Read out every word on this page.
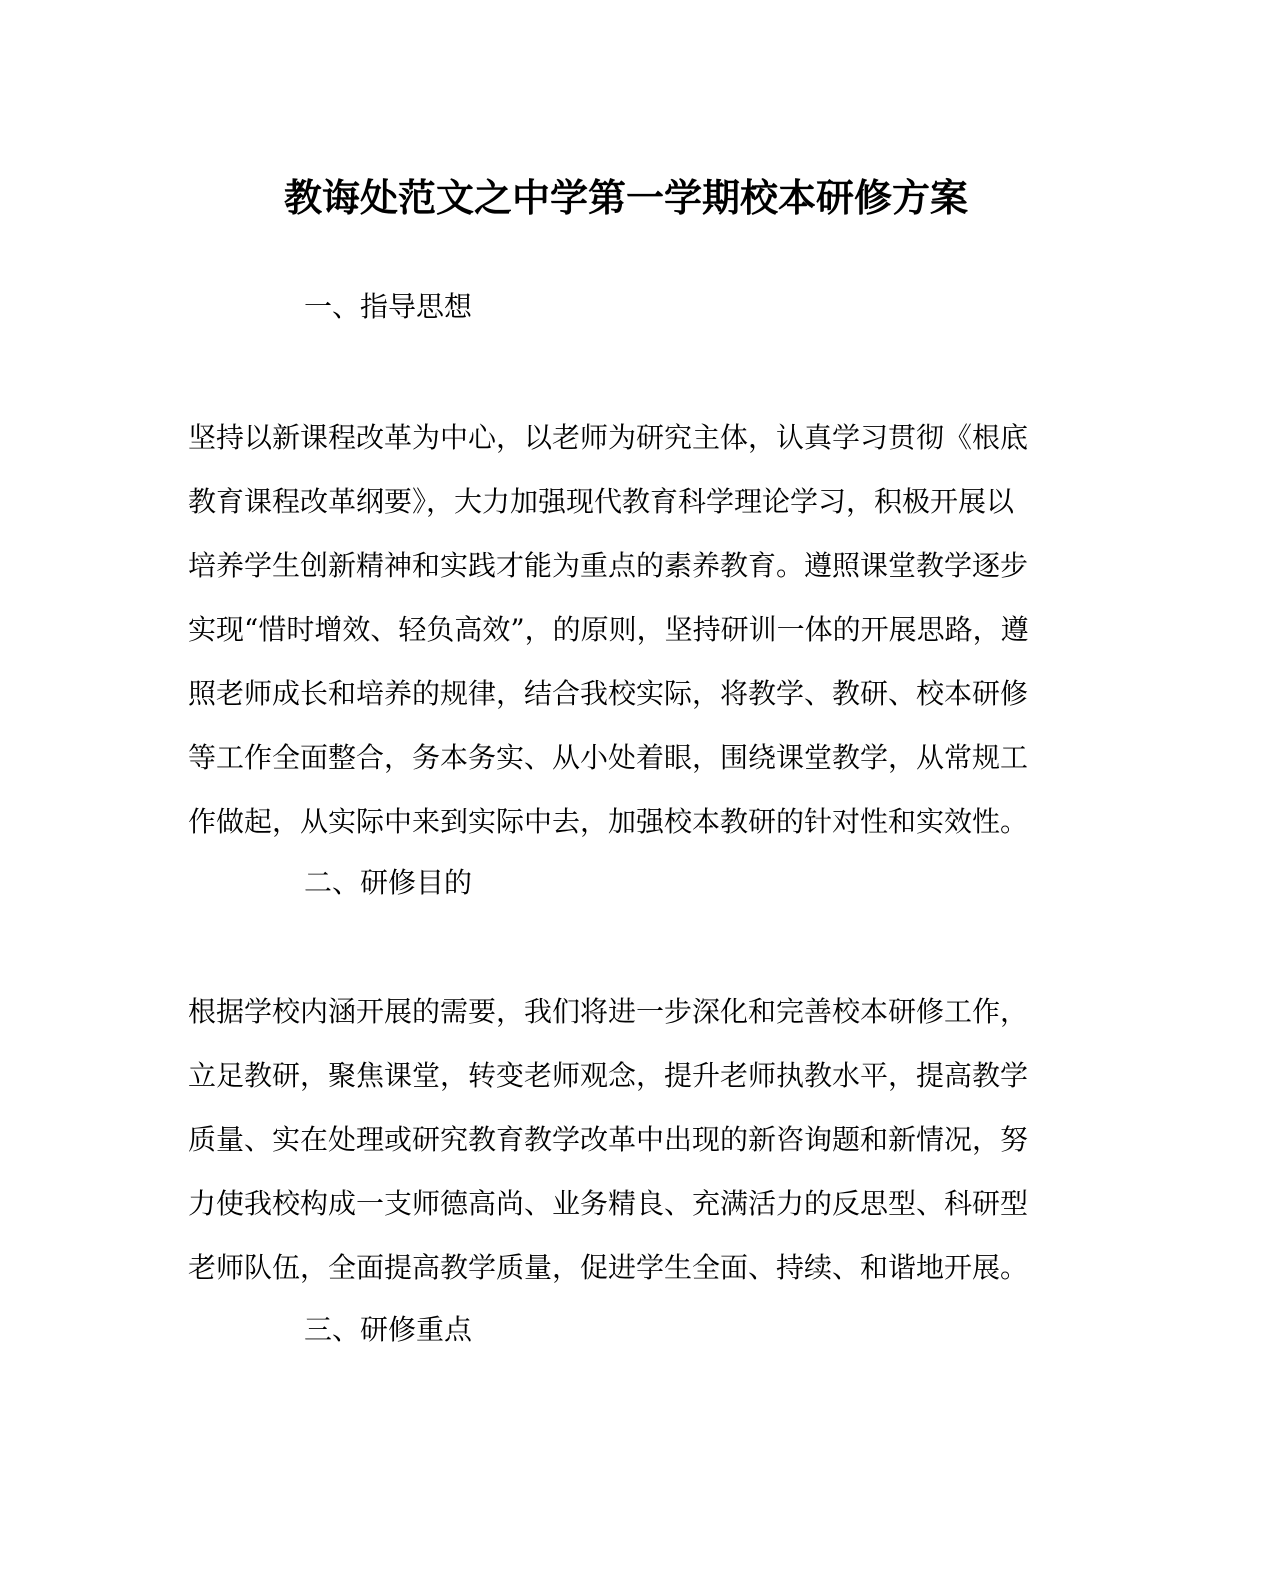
教诲处范文之中学第一学期校本研修方案
一、指导思想
坚持以新课程改革为中心，以老师为研究主体，认真学习贯彻《根底
教育课程改革纲要》，大力加强现代教育科学理论学习，积极开展以
培养学生创新精神和实践才能为重点的素养教育。遵照课堂教学逐步
实现“惜时增效、轻负高效”，的原则，坚持研训一体的开展思路，遵
照老师成长和培养的规律，结合我校实际，将教学、教研、校本研修
等工作全面整合，务本务实、从小处着眼，围绕课堂教学，从常规工
作做起，从实际中来到实际中去，加强校本教研的针对性和实效性。
二、研修目的
根据学校内涵开展的需要，我们将进一步深化和完善校本研修工作，
立足教研，聚焦课堂，转变老师观念，提升老师执教水平，提高教学
质量、实在处理或研究教育教学改革中出现的新咨询题和新情况，努
力使我校构成一支师德高尚、业务精良、充满活力的反思型、科研型
老师队伍，全面提高教学质量，促进学生全面、持续、和谐地开展。
三、研修重点
